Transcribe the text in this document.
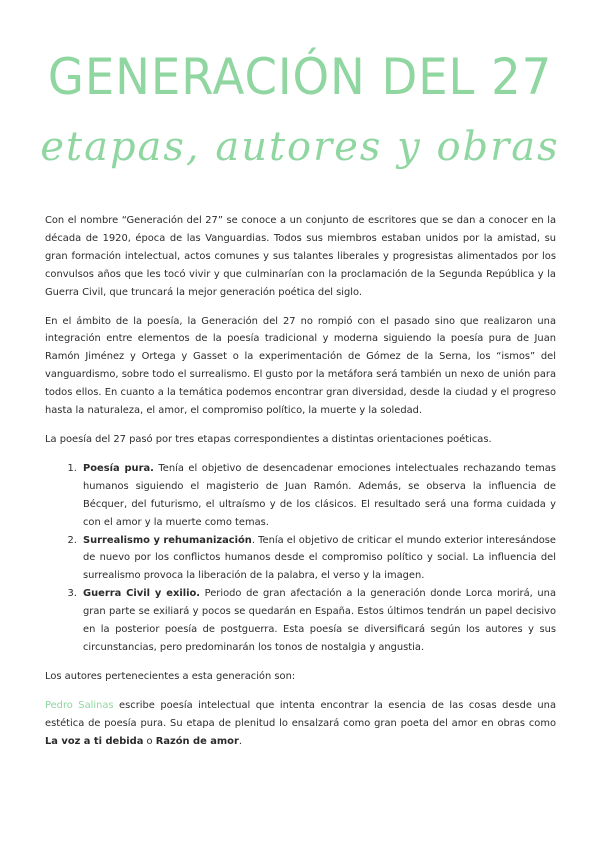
GENERACIÓN DEL 27
etapas, autores y obras

Con el nombre “Generación del 27” se conoce a un conjunto de escritores que se dan a conocer en la década de 1920, época de las Vanguardias. Todos sus miembros estaban unidos por la amistad, su gran formación intelectual, actos comunes y sus talantes liberales y progresistas alimentados por los convulsos años que les tocó vivir y que culminarían con la proclamación de la Segunda República y la Guerra Civil, que truncará la mejor generación poética del siglo.

En el ámbito de la poesía, la Generación del 27 no rompió con el pasado sino que realizaron una integración entre elementos de la poesía tradicional y moderna siguiendo la poesía pura de Juan Ramón Jiménez y Ortega y Gasset o la experimentación de Gómez de la Serna, los “ismos” del vanguardismo, sobre todo el surrealismo. El gusto por la metáfora será también un nexo de unión para todos ellos. En cuanto a la temática podemos encontrar gran diversidad, desde la ciudad y el progreso hasta la naturaleza, el amor, el compromiso político, la muerte y la soledad.

La poesía del 27 pasó por tres etapas correspondientes a distintas orientaciones poéticas.

1. Poesía pura. Tenía el objetivo de desencadenar emociones intelectuales rechazando temas humanos siguiendo el magisterio de Juan Ramón. Además, se observa la influencia de Bécquer, del futurismo, el ultraísmo y de los clásicos. El resultado será una forma cuidada y con el amor y la muerte como temas.
2. Surrealismo y rehumanización. Tenía el objetivo de criticar el mundo exterior interesándose de nuevo por los conflictos humanos desde el compromiso político y social. La influencia del surrealismo provoca la liberación de la palabra, el verso y la imagen.
3. Guerra Civil y exilio. Periodo de gran afectación a la generación donde Lorca morirá, una gran parte se exiliará y pocos se quedarán en España. Estos últimos tendrán un papel decisivo en la posterior poesía de postguerra. Esta poesía se diversificará según los autores y sus circunstancias, pero predominarán los tonos de nostalgia y angustia.

Los autores pertenecientes a esta generación son:

Pedro Salinas escribe poesía intelectual que intenta encontrar la esencia de las cosas desde una estética de poesía pura. Su etapa de plenitud lo ensalzará como gran poeta del amor en obras como La voz a ti debida o Razón de amor.
